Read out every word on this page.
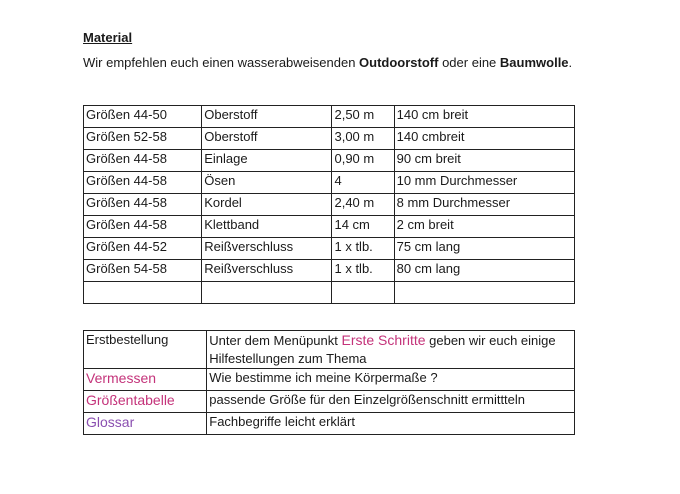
Material
Wir empfehlen euch einen wasserabweisenden Outdoorstoff oder eine Baumwolle.
Größen 44-50	Oberstoff	2,50 m	140 cm breit
Größen 52-58	Oberstoff	3,00 m	140 cmbreit
Größen 44-58	Einlage	0,90 m	90 cm breit
Größen 44-58	Ösen	4	10 mm Durchmesser
Größen 44-58	Kordel	2,40 m	8 mm Durchmesser
Größen 44-58	Klettband	14 cm	2 cm breit
Größen 44-52	Reißverschluss	1 x tlb.	75 cm lang
Größen 54-58	Reißverschluss	1 x tlb.	80 cm lang

Erstbestellung	Unter dem Menüpunkt Erste Schritte geben wir euch einige Hilfestellungen zum Thema
Vermessen	Wie bestimme ich meine Körpermaße ?
Größentabelle	passende Größe für den Einzelgrößenschnitt ermittteln
Glossar	Fachbegriffe leicht erklärt
